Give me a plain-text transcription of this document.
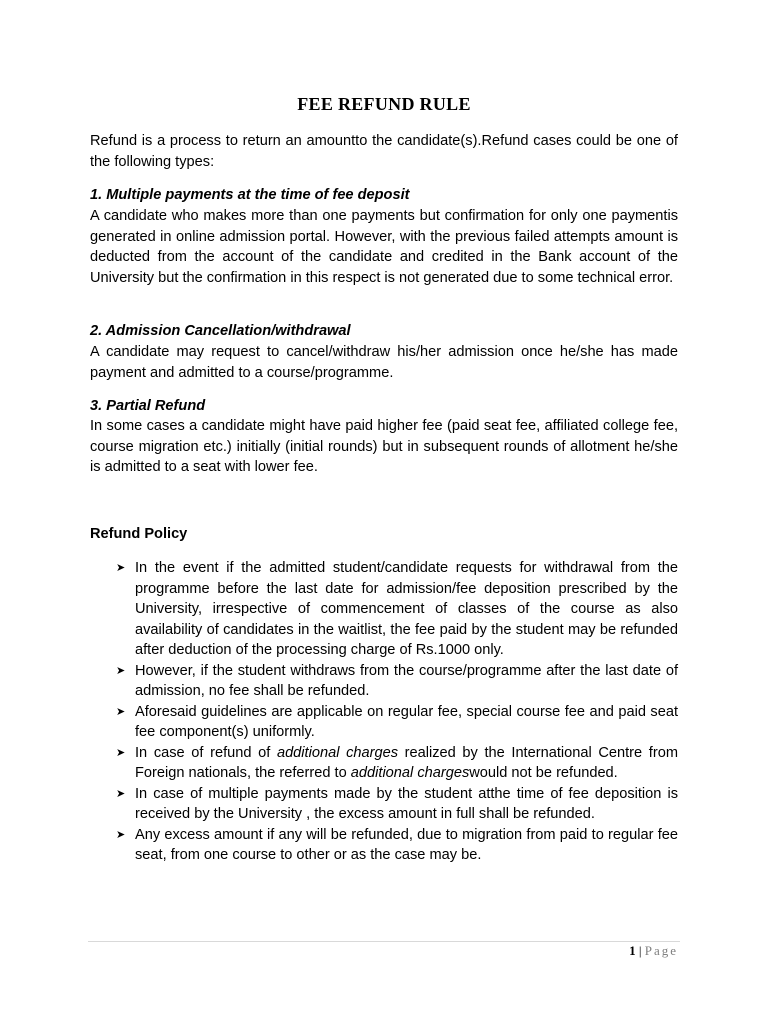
FEE REFUND RULE
Refund is a process to return an amountto the candidate(s).Refund cases could be one of the following types:
1. Multiple payments at the time of fee deposit
A candidate who makes more than one payments but confirmation for only one paymentis generated in online admission portal. However, with the previous failed attempts amount is deducted from the account of the candidate and credited in the Bank account of the University but the confirmation in this respect is not generated due to some technical error.
2. Admission Cancellation/withdrawal
A candidate may request to cancel/withdraw his/her admission once he/she has made payment and admitted to a course/programme.
3. Partial Refund
In some cases a candidate might have paid higher fee (paid seat fee, affiliated college fee, course migration etc.) initially (initial rounds) but in subsequent rounds of allotment he/she is admitted to a seat with lower fee.
Refund Policy
➤ In the event if the admitted student/candidate requests for withdrawal from the programme before the last date for admission/fee deposition prescribed by the University, irrespective of commencement of classes of the course as also availability of candidates in the waitlist, the fee paid by the student may be refunded after deduction of the processing charge of Rs.1000 only.
➤ However, if the student withdraws from the course/programme after the last date of admission, no fee shall be refunded.
➤ Aforesaid guidelines are applicable on regular fee, special course fee and paid seat fee component(s) uniformly.
➤ In case of refund of additional charges realized by the International Centre from Foreign nationals, the referred to additional chargeswould not be refunded.
➤ In case of multiple payments made by the student atthe time of fee deposition is received by the University , the excess amount in full shall be refunded.
➤ Any excess amount if any will be refunded, due to migration from paid to regular fee seat, from one course to other or as the case may be.
1 | Page
